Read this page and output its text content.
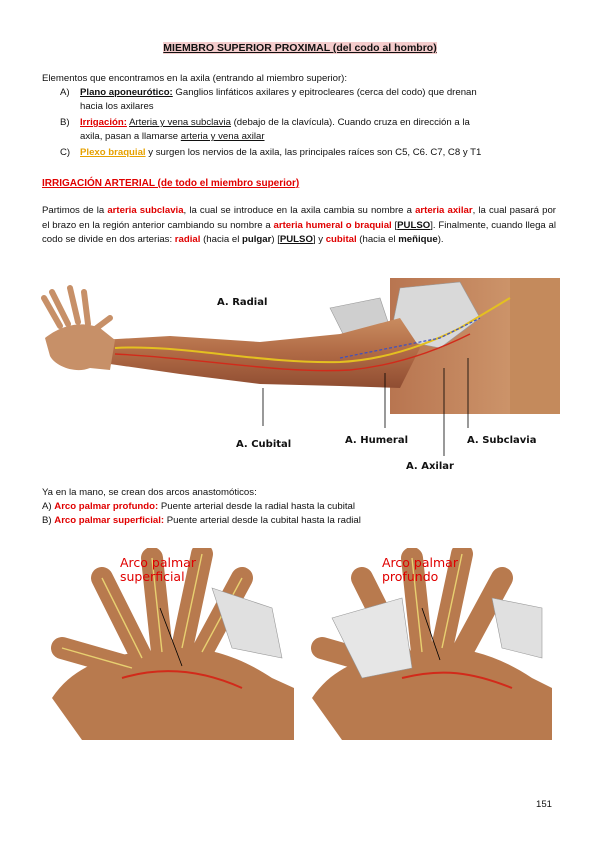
MIEMBRO SUPERIOR PROXIMAL (del codo al hombro)
Elementos que encontramos en la axila (entrando al miembro superior):
A) Plano aponeurótico: Ganglios linfáticos axilares y epitrocleares (cerca del codo) que drenan
hacia los axilares
B) Irrigación: Arteria y vena subclavia (debajo de la clavícula). Cuando cruza en dirección a la
axila, pasan a llamarse arteria y vena axilar
C) Plexo braquial y surgen los nervios de la axila, las principales raíces son C5, C6. C7, C8 y T1
IRRIGACIÓN ARTERIAL (de todo el miembro superior)
Partimos de la arteria subclavia, la cual se introduce en la axila cambia su nombre a arteria axilar, la cual pasará por el brazo en la región anterior cambiando su nombre a arteria humeral o braquial [PULSO]. Finalmente, cuando llega al codo se divide en dos arterias: radial (hacia el pulgar) [PULSO] y cubital (hacia el meñique).
A. Radial
A. Cubital	A. Humeral	A. Subclavia
A. Axilar
Ya en la mano, se crean dos arcos anastomóticos:
A) Arco palmar profundo: Puente arterial desde la radial hasta la cubital
B) Arco palmar superficial: Puente arterial desde la cubital hasta la radial
Arco palmar
superficial
Arco palmar
profundo
151
